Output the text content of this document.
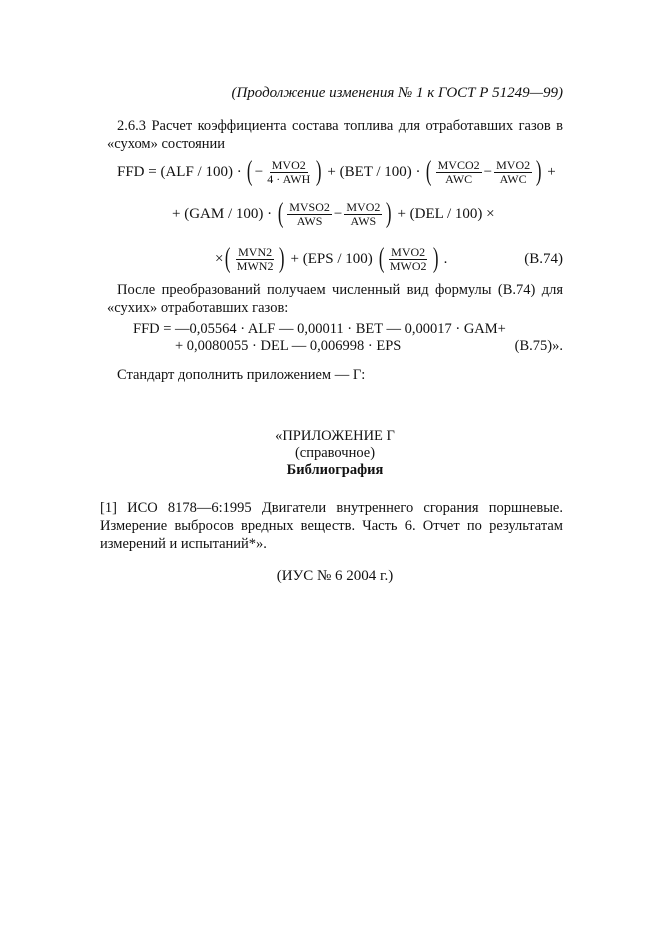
(Продолжение изменения № 1 к ГОСТ Р 51249—99)
2.6.3 Расчет коэффициента состава топлива для отработавших газов в «сухом» состоянии
FFD = (ALF / 100) ·
( − $\frac{\text{MVO2}}{\text{4 · AWH}}$ )
+ (BET / 100) ·
( $\frac{\text{MVCO2}}{\text{AWC}} - \frac{\text{MVO2}}{\text{AWC}}$ )
+
+ (GAM / 100) ·
( $\frac{\text{MVSO2}}{\text{AWS}} - \frac{\text{MVO2}}{\text{AWS}}$ )
+ (DEL / 100) ×
× ( $\frac{\text{MVN2}}{\text{MWN2}}$ )
+ (EPS / 100)
( $\frac{\text{MVO2}}{\text{MWO2}}$ )
.	(B.74)
После преобразований получаем численный вид формулы (B.74) для «сухих» отработавших газов:
FFD = —0,05564 · ALF — 0,00011 · BET — 0,00017 · GAM+
+ 0,0080055 · DEL — 0,006998 · EPS	(B.75)».
Стандарт дополнить приложением — Г:
«ПРИЛОЖЕНИЕ Г
(справочное)
Библиография
[1] ИСО 8178—6:1995 Двигатели внутреннего сгорания поршневые. Измерение выбросов вредных веществ. Часть 6. Отчет по результатам измерений и испытаний*».
(ИУС № 6 2004 г.)
